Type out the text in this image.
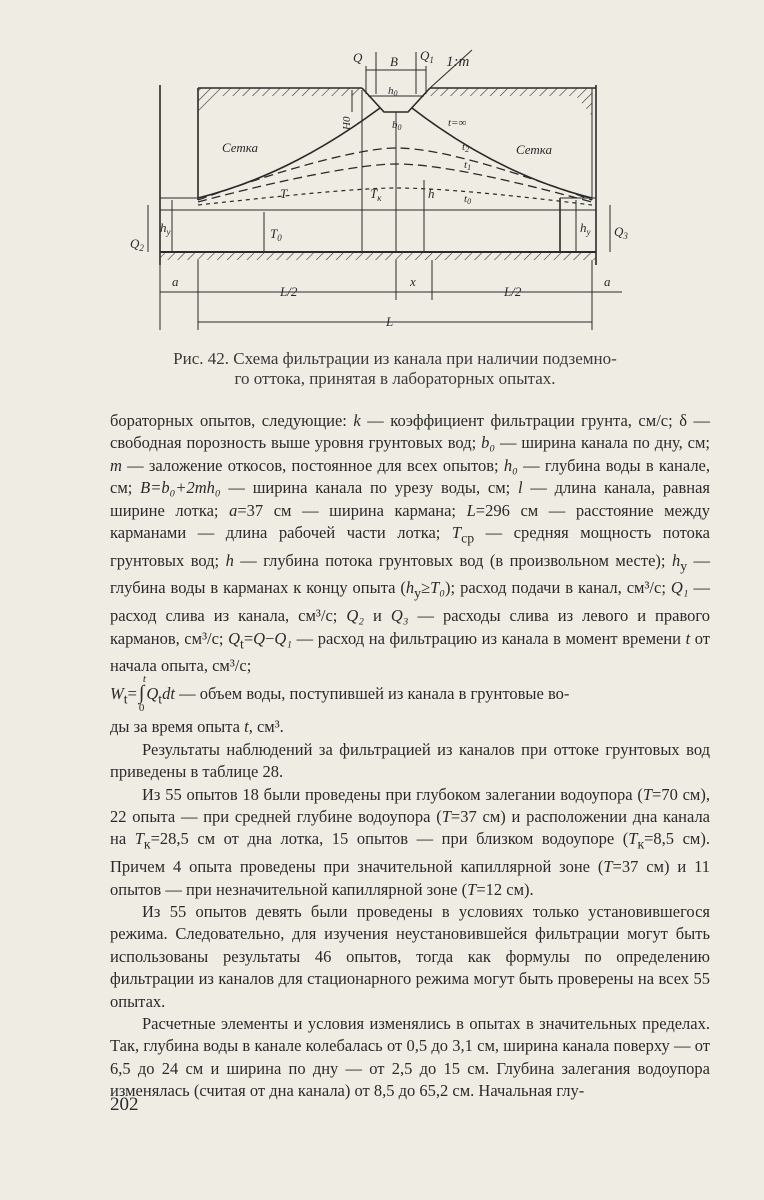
Q B $Q_1$ 1:m
h0
H0	b0	t=∞
t2
t1
t0
Сетка	Сетка
T	$T_к$	h
$T_0$
$h_y$	$h_y$
$Q_2$
$Q_3$
a
L/2
x
L/2
a
L
Рис. 42. Схема фильтрации из канала при наличии подземно-
го оттока, принятая в лабораторных опытах.

бораторных опытов, следующие: k — коэффициент фильтрации грунта, см/с; δ — свободная порозность выше уровня грунтовых вод; b₀ — ширина канала по дну, см; m — заложение откосов, постоянное для всех опытов; h₀ — глубина воды в канале, см; B=b₀+2mh₀ — ширина канала по урезу воды, см; l — длина канала, равная ширине лотка; a=37 см — ширина кармана; L=296 см — расстояние между карманами — длина рабочей части лотка; $T_{ср}$ — средняя мощность потока грунтовых вод; h — глубина потока грунтовых вод (в произвольном месте); $h_y$ — глубина воды в карманах к концу опыта $(h_y\ge T_0)$; расход подачи в канал, см³/с; Q₁ — расход слива из канала, см³/с; Q₂ и Q₃ — расходы слива из левого и правого карманов, см³/с; $Q_t=Q-Q_1$ — расход на фильтрацию из канала в момент времени t от начала опыта, см³/с;

$W_t=$
t
∫
0
$Q_tdt$ — объем воды, поступившей из канала в грунтовые во-

ды за время опыта t, см³.

Результаты наблюдений за фильтрацией из каналов при оттоке грунтовых вод приведены в таблице 28.

Из 55 опытов 18 были проведены при глубоком залегании водоупора (T=70 см), 22 опыта — при средней глубине водоупора (T=37 см) и расположении дна канала на $T_к=28,5$ см от дна лотка, 15 опытов — при близком водоупоре ($T_к=8,5$ см). Причем 4 опыта проведены при значительной капиллярной зоне (T=37 см) и 11 опытов — при незначительной капиллярной зоне (T=12 см).

Из 55 опытов девять были проведены в условиях только установившегося режима. Следовательно, для изучения неустановившейся фильтрации могут быть использованы результаты 46 опытов, тогда как формулы по определению фильтрации из каналов для стационарного режима могут быть проверены на всех 55 опытах.

Расчетные элементы и условия изменялись в опытах в значительных пределах. Так, глубина воды в канале колебалась от 0,5 до 3,1 см, ширина канала поверху — от 6,5 до 24 см и ширина по дну — от 2,5 до 15 см. Глубина залегания водоупора изменялась (считая от дна канала) от 8,5 до 65,2 см. Начальная глу-

202
